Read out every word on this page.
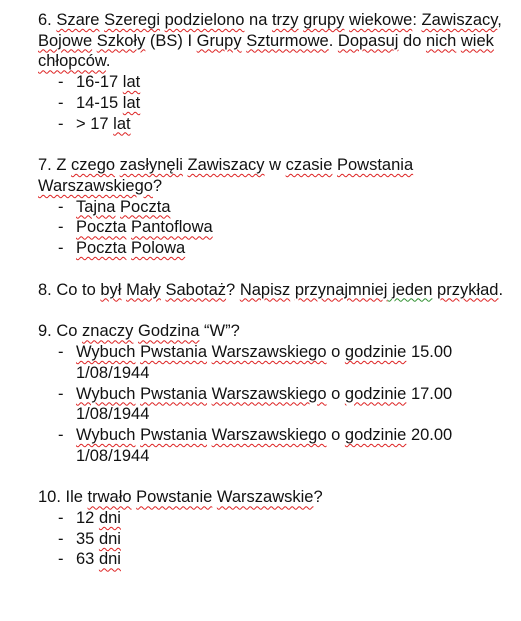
6. Szare Szeregi podzielono na trzy grupy wiekowe: Zawiszacy, Bojowe Szkoły (BS) I Grupy Szturmowe. Dopasuj do nich wiek chłopców.

- 16-17 lat
- 14-15 lat
- > 17 lat

7. Z czego zasłynęli Zawiszacy w czasie Powstania Warszawskiego?

- Tajna Poczta
- Poczta Pantoflowa
- Poczta Polowa

8. Co to był Mały Sabotaż? Napisz przynajmniej jeden przykład.

9. Co znaczy Godzina “W”?

- Wybuch Pwstania Warszawskiego o godzinie 15.00 1/08/1944
- Wybuch Pwstania Warszawskiego o godzinie 17.00 1/08/1944
- Wybuch Pwstania Warszawskiego o godzinie 20.00 1/08/1944

10. Ile trwało Powstanie Warszawskie?

- 12 dni
- 35 dni
- 63 dni
